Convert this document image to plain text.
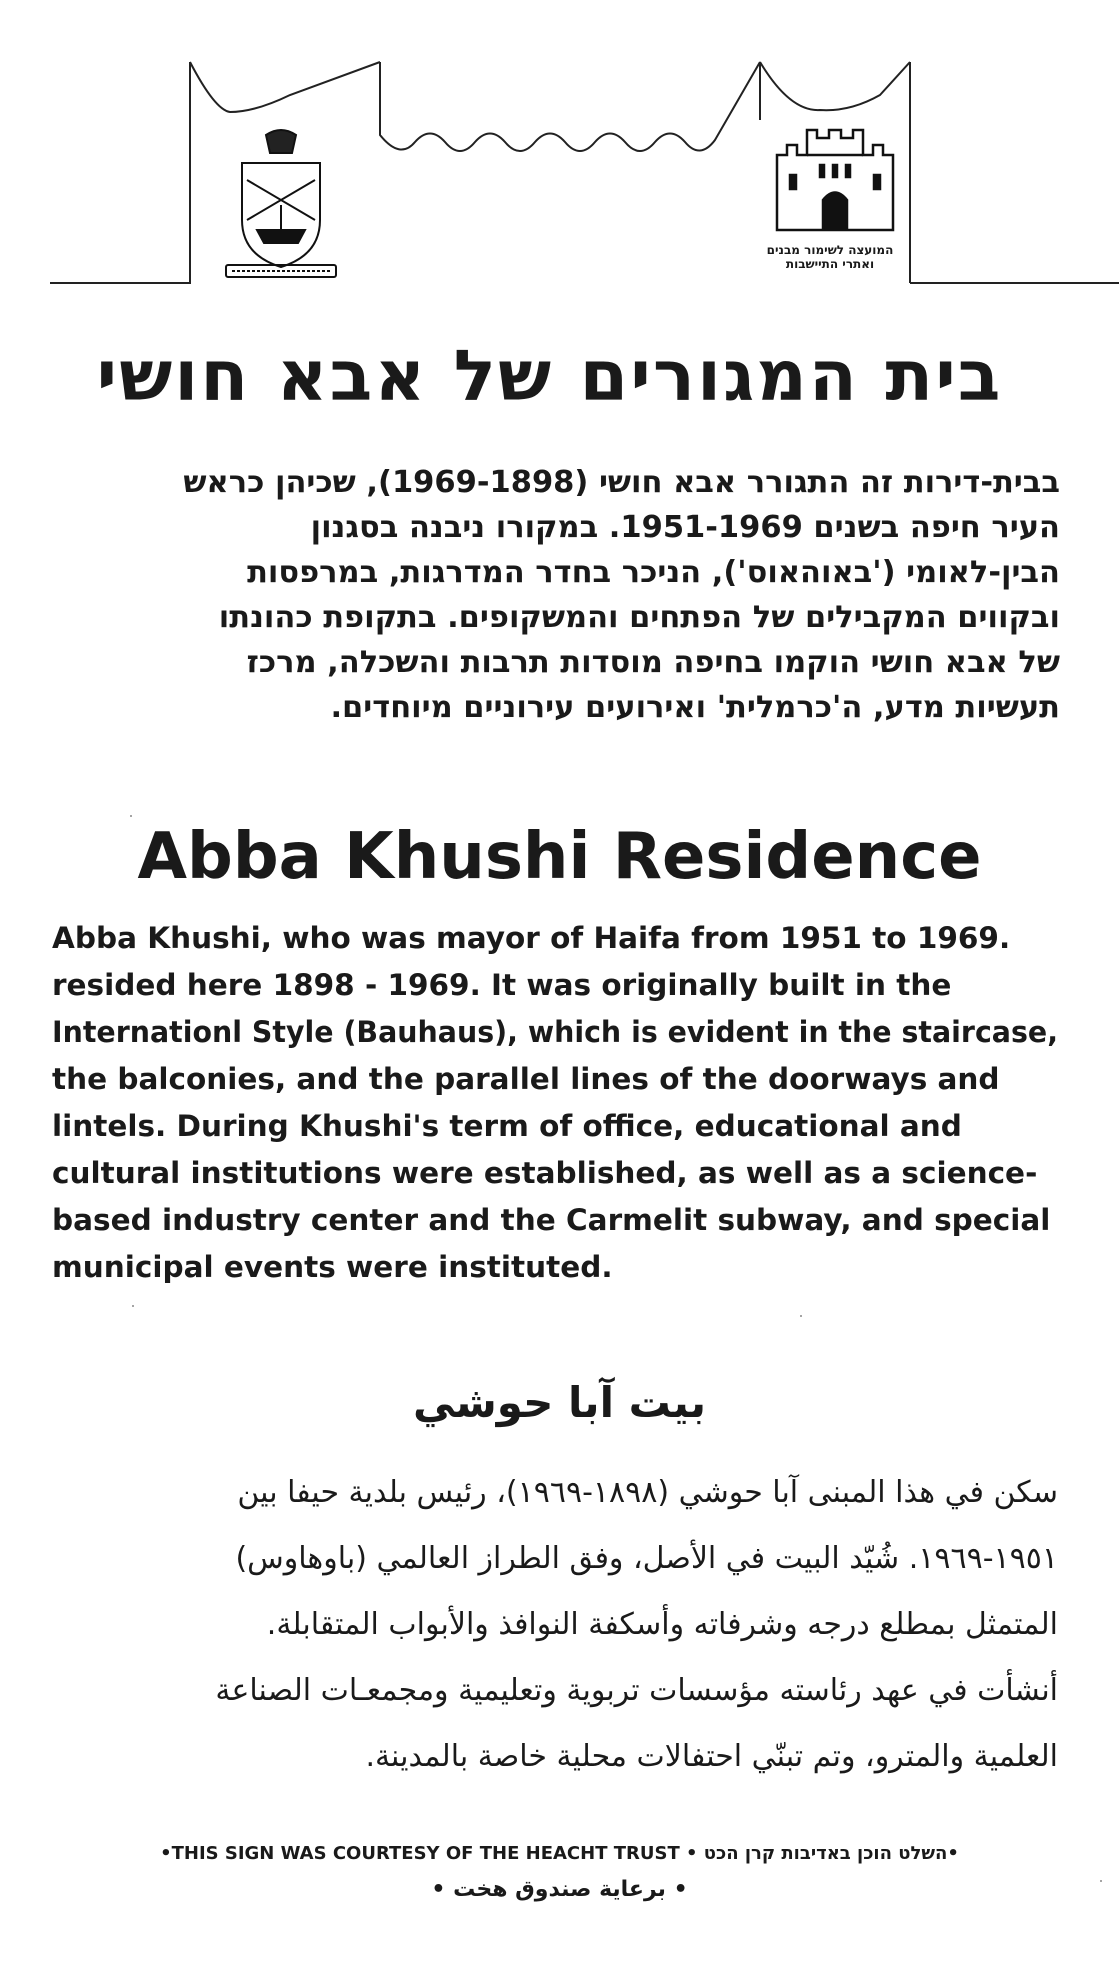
המועצה לשימור מבנים
ואתרי התיישבות
בית המגורים של אבא חושי
בבית-דירות זה התגורר אבא חושי (1969-1898), שכיהן כראש
העיר חיפה בשנים 1951-1969. במקורו ניבנה בסגנון
הבין-לאומי ('באוהאוס'), הניכר בחדר המדרגות, במרפסות
ובקווים המקבילים של הפתחים והמשקופים. בתקופת כהונתו
של אבא חושי הוקמו בחיפה מוסדות תרבות והשכלה, מרכז
תעשיות מדע, ה'כרמלית' ואירועים עירוניים מיוחדים.
Abba Khushi Residence
Abba Khushi, who was mayor of Haifa from 1951 to 1969.
resided here 1898 - 1969. It was originally built in the
Internationl Style (Bauhaus), which is evident in the staircase,
the balconies, and the parallel lines of the doorways and
lintels. During Khushi's term of office, educational and
cultural institutions were established, as well as a science-
based industry center and the Carmelit subway, and special
municipal events were instituted.
بيت آبا حوشي
سكن في هذا المبنى آبا حوشي (١٨٩٨-١٩٦٩)، رئيس بلدية حيفا بين
١٩٥١-١٩٦٩. شُيّد البيت في الأصل، وفق الطراز العالمي (باوهاوس)
المتمثل بمطلع درجه وشرفاته وأسكفة النوافذ والأبواب المتقابلة.
أنشأت في عهد رئاسته مؤسسات تربوية وتعليمية ومجمعـات الصناعة
العلمية والمترو، وتم تبنّي احتفالات محلية خاصة بالمدينة.
•THIS SIGN WAS COURTESY OF THE HEACHT TRUST • השלט הוכן באדיבות קרן הכט•
• برعاية صندوق هخت •
